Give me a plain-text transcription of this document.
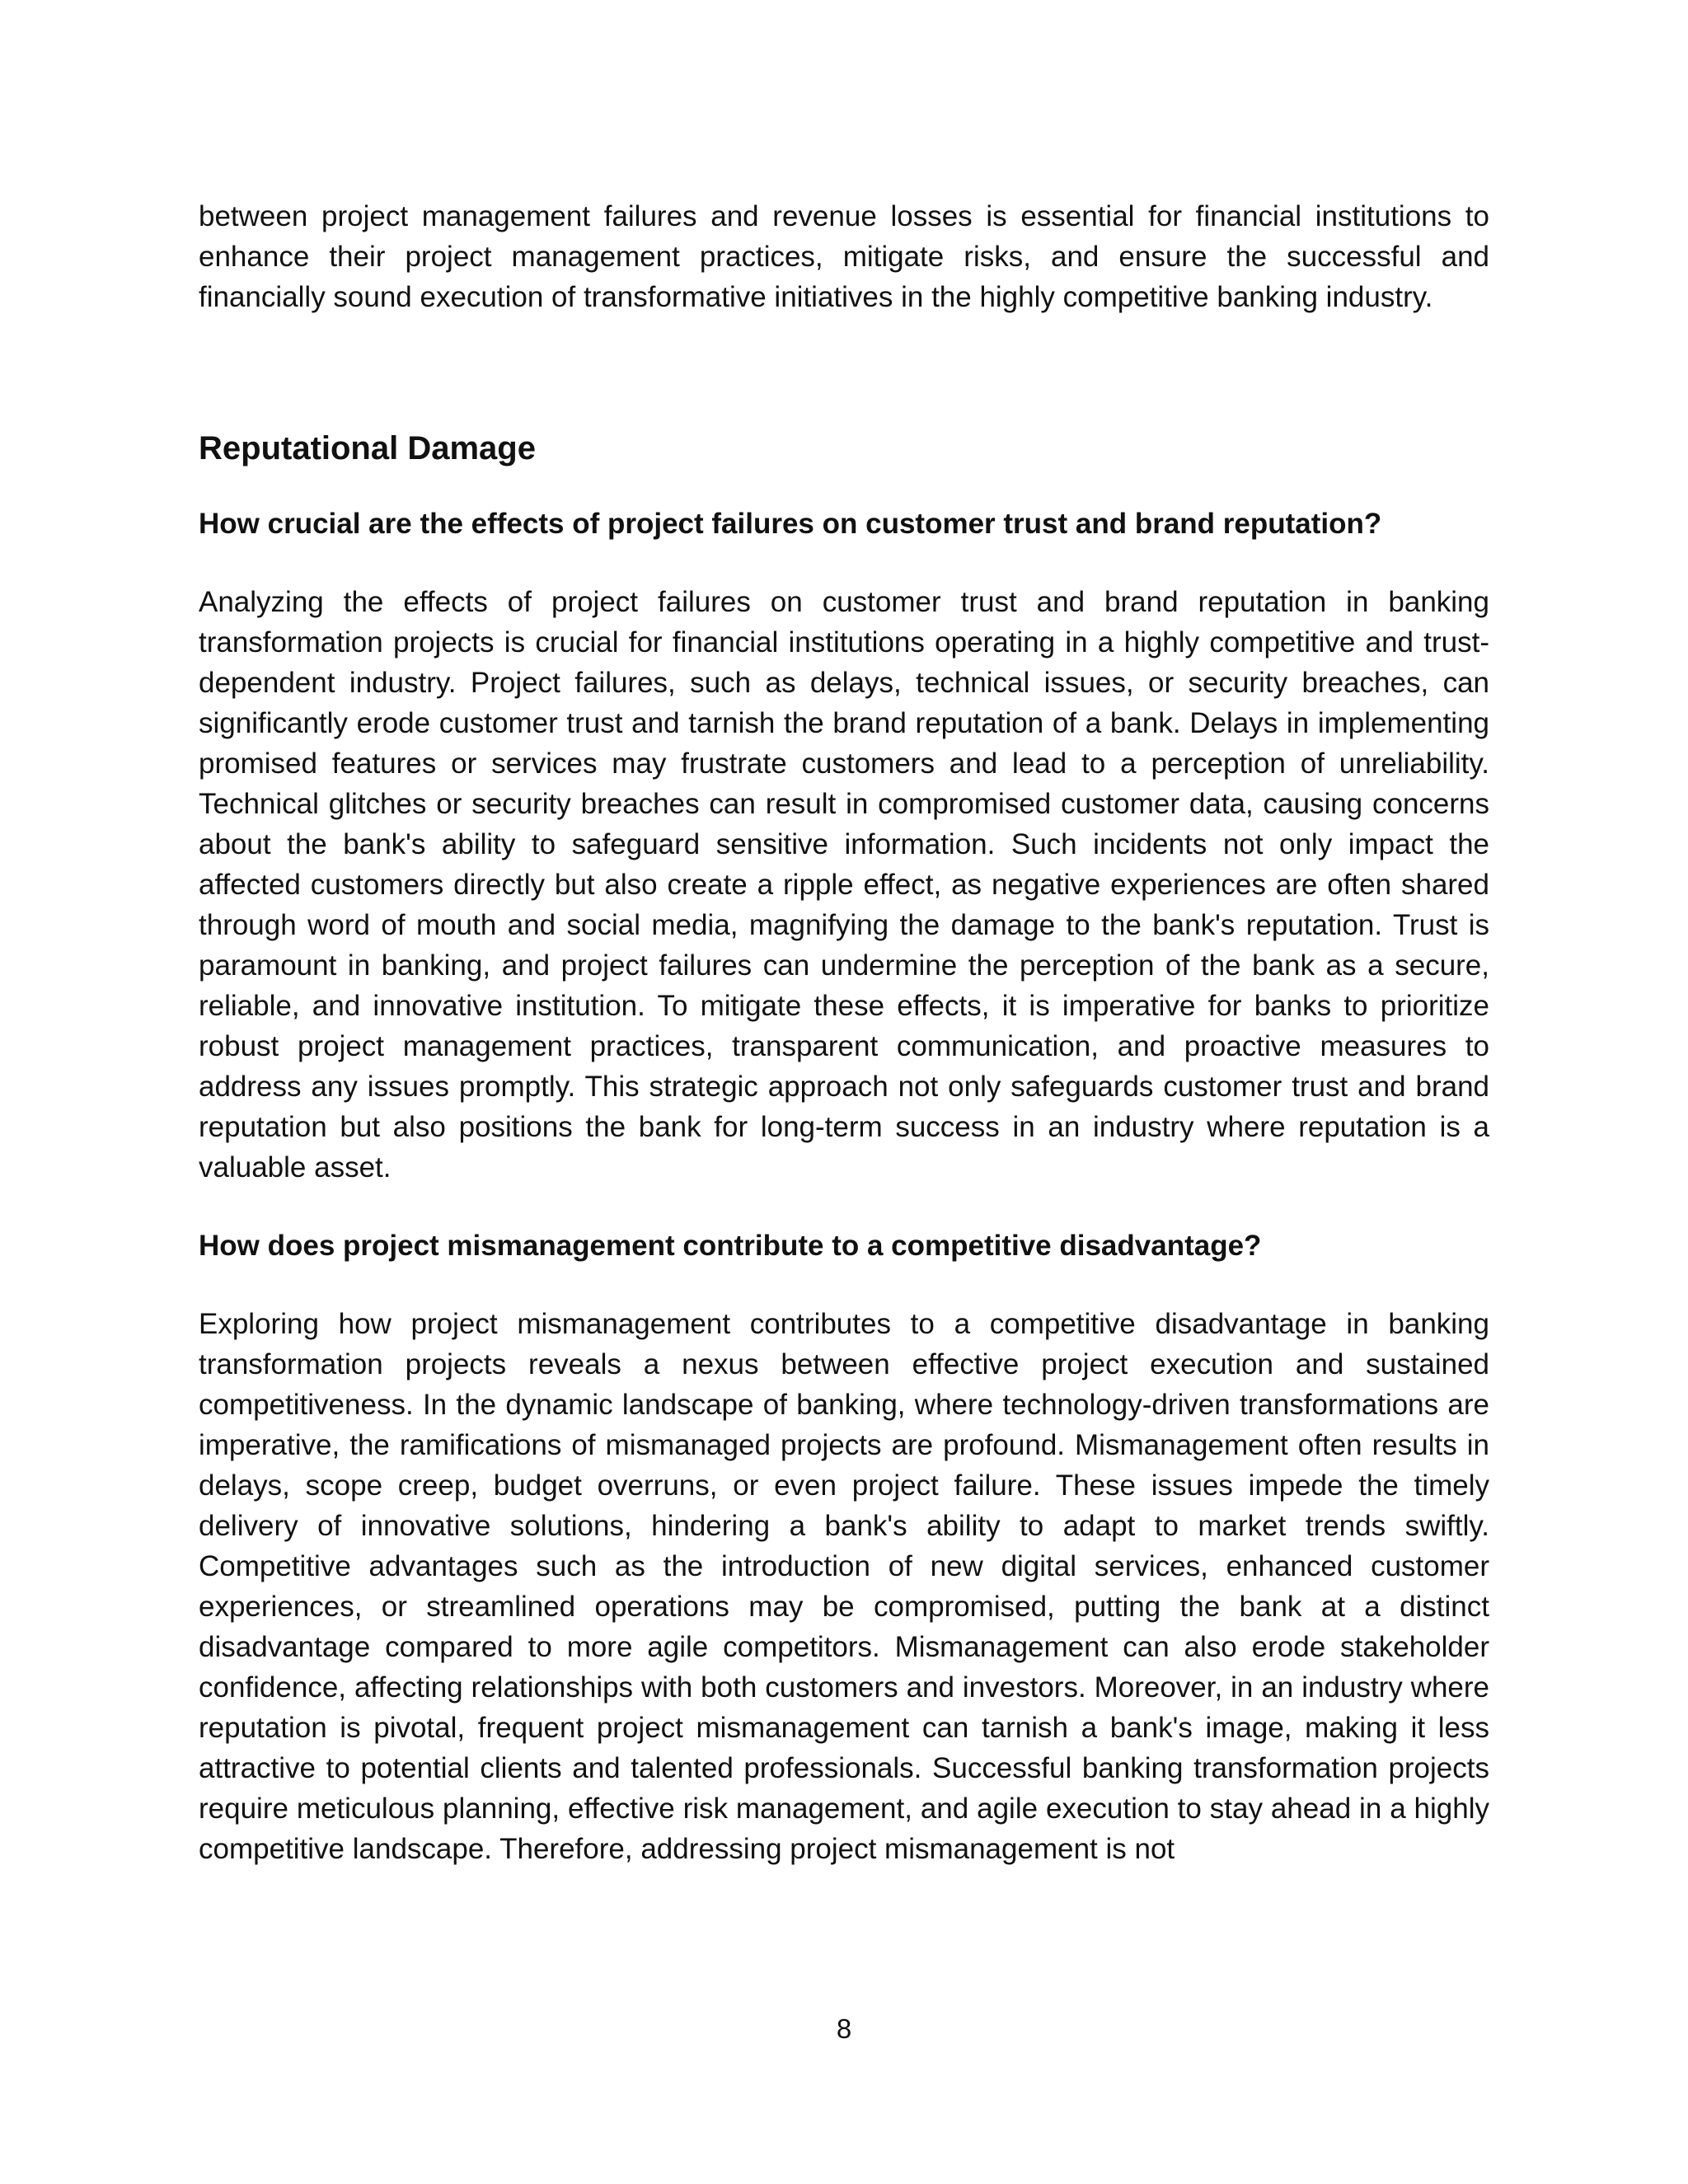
between project management failures and revenue losses is essential for financial institutions to enhance their project management practices, mitigate risks, and ensure the successful and financially sound execution of transformative initiatives in the highly competitive banking industry.

Reputational Damage

How crucial are the effects of project failures on customer trust and brand reputation?

Analyzing the effects of project failures on customer trust and brand reputation in banking transformation projects is crucial for financial institutions operating in a highly competitive and trust-dependent industry. Project failures, such as delays, technical issues, or security breaches, can significantly erode customer trust and tarnish the brand reputation of a bank. Delays in implementing promised features or services may frustrate customers and lead to a perception of unreliability. Technical glitches or security breaches can result in compromised customer data, causing concerns about the bank's ability to safeguard sensitive information. Such incidents not only impact the affected customers directly but also create a ripple effect, as negative experiences are often shared through word of mouth and social media, magnifying the damage to the bank's reputation. Trust is paramount in banking, and project failures can undermine the perception of the bank as a secure, reliable, and innovative institution. To mitigate these effects, it is imperative for banks to prioritize robust project management practices, transparent communication, and proactive measures to address any issues promptly. This strategic approach not only safeguards customer trust and brand reputation but also positions the bank for long-term success in an industry where reputation is a valuable asset.

How does project mismanagement contribute to a competitive disadvantage?

Exploring how project mismanagement contributes to a competitive disadvantage in banking transformation projects reveals a nexus between effective project execution and sustained competitiveness. In the dynamic landscape of banking, where technology-driven transformations are imperative, the ramifications of mismanaged projects are profound. Mismanagement often results in delays, scope creep, budget overruns, or even project failure. These issues impede the timely delivery of innovative solutions, hindering a bank's ability to adapt to market trends swiftly. Competitive advantages such as the introduction of new digital services, enhanced customer experiences, or streamlined operations may be compromised, putting the bank at a distinct disadvantage compared to more agile competitors. Mismanagement can also erode stakeholder confidence, affecting relationships with both customers and investors. Moreover, in an industry where reputation is pivotal, frequent project mismanagement can tarnish a bank's image, making it less attractive to potential clients and talented professionals. Successful banking transformation projects require meticulous planning, effective risk management, and agile execution to stay ahead in a highly competitive landscape. Therefore, addressing project mismanagement is not

8
